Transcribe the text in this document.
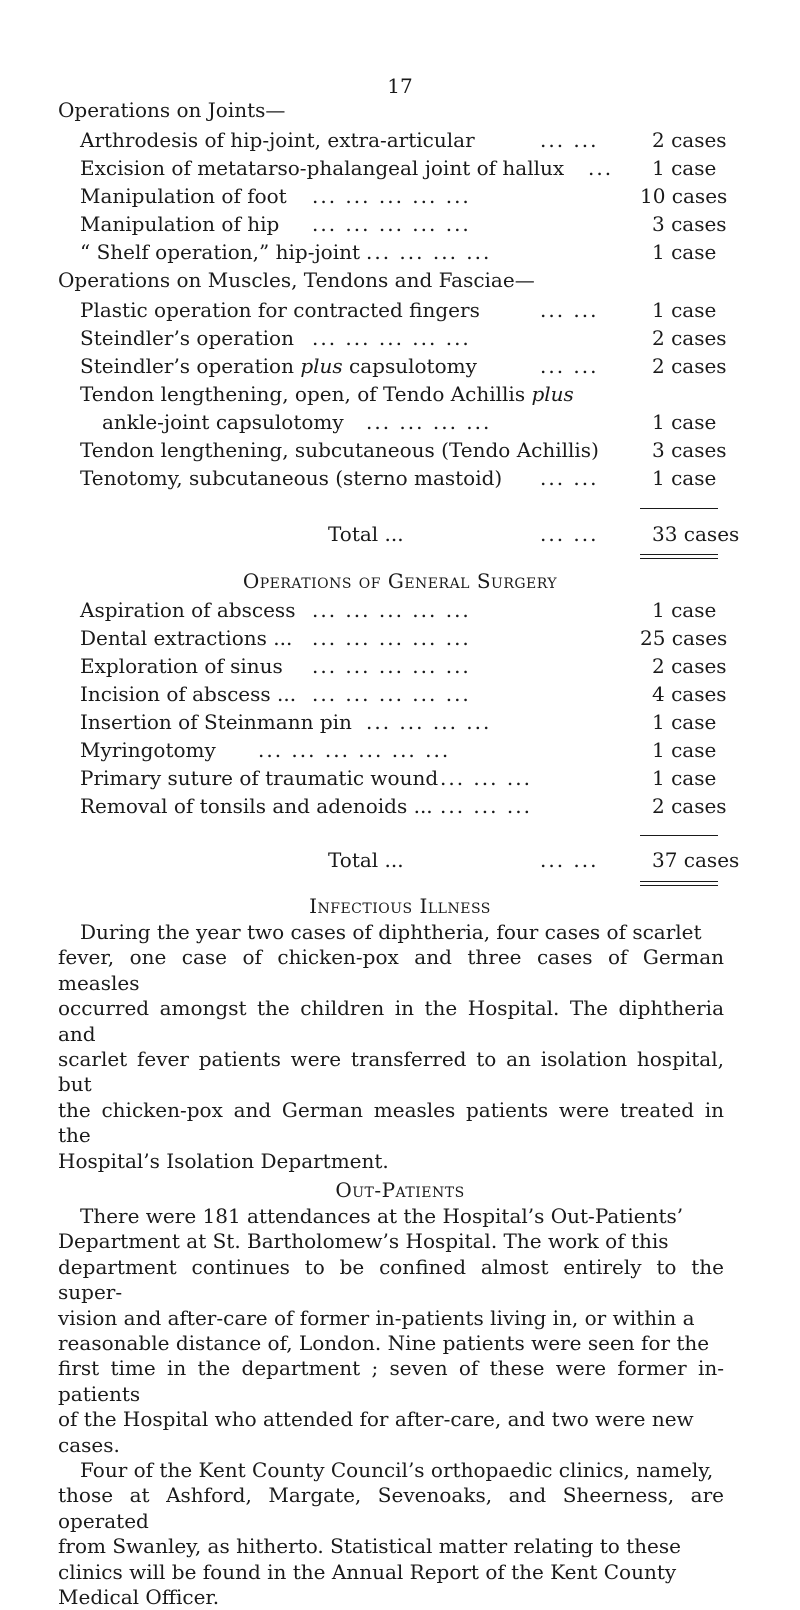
17
Operations on Joints—
Arthrodesis of hip-joint, extra-articular	... ...	2 cases
Excision of metatarso-phalangeal joint of hallux ... 1 case
Manipulation of foot ... ... ... ... ...	10 cases
Manipulation of hip ... ... ... ... ...	3 cases
“ Shelf operation,” hip-joint ... ... ... ...	1 case
Operations on Muscles, Tendons and Fasciae—
Plastic operation for contracted fingers	... ...	1 case
Steindler’s operation ... ... ... ... ...	2 cases
Steindler’s operation plus capsulotomy	... ...	2 cases
Tendon lengthening, open, of Tendo Achillis plus
ankle-joint capsulotomy ... ... ... ...	1 case
Tendon lengthening, subcutaneous (Tendo Achillis)	3 cases
Tenotomy, subcutaneous (sterno mastoid) ... ...	1 case
Total ...	... ...	33 cases
Operations of General Surgery
Aspiration of abscess ... ... ... ... ...	1 case
Dental extractions ... ... ... ... ... ...	25 cases
Exploration of sinus ... ... ... ... ...	2 cases
Incision of abscess ... ... ... ... ... ...	4 cases
Insertion of Steinmann pin ... ... ... ...	1 case
Myringotomy ... ... ... ... ... ...	1 case
Primary suture of traumatic wound ... ... ...	1 case
Removal of tonsils and adenoids ... ... ... ...	2 cases
Total ...	... ...	37 cases
Infectious Illness
During the year two cases of diphtheria, four cases of scarlet
fever, one case of chicken-pox and three cases of German measles
occurred amongst the children in the Hospital. The diphtheria and
scarlet fever patients were transferred to an isolation hospital, but
the chicken-pox and German measles patients were treated in the
Hospital’s Isolation Department.
Out-Patients
There were 181 attendances at the Hospital’s Out-Patients’
Department at St. Bartholomew’s Hospital. The work of this
department continues to be confined almost entirely to the super-
vision and after-care of former in-patients living in, or within a
reasonable distance of, London. Nine patients were seen for the
first time in the department ; seven of these were former in-patients
of the Hospital who attended for after-care, and two were new
cases.
Four of the Kent County Council’s orthopaedic clinics, namely,
those at Ashford, Margate, Sevenoaks, and Sheerness, are operated
from Swanley, as hitherto. Statistical matter relating to these
clinics will be found in the Annual Report of the Kent County
Medical Officer.
